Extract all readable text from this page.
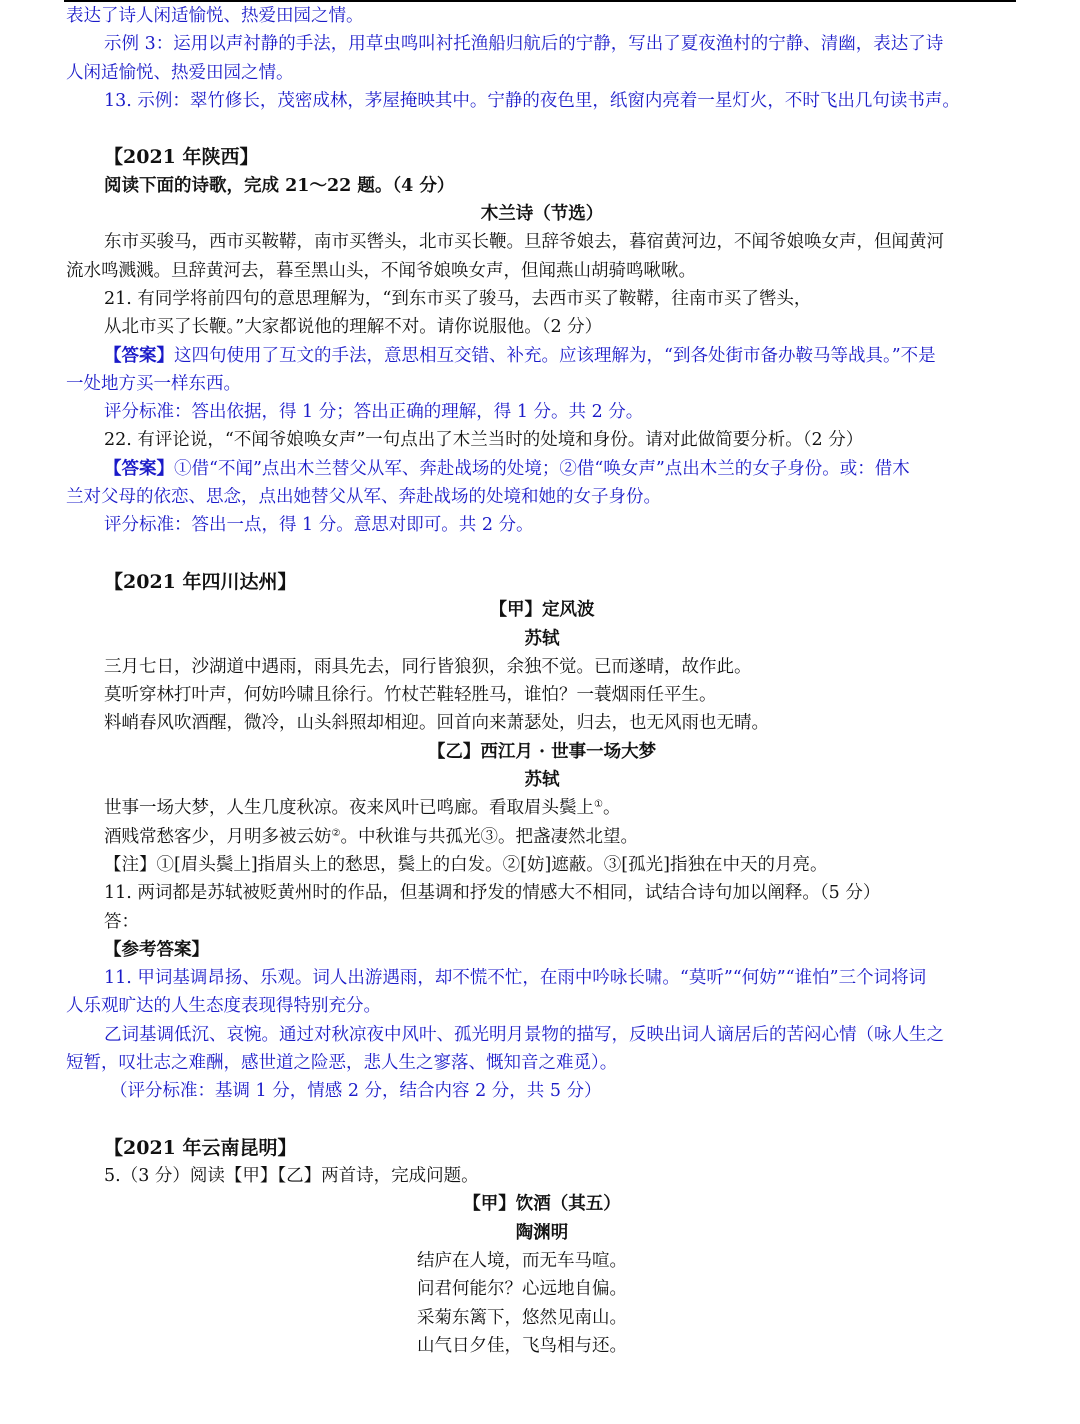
表达了诗人闲适愉悦、热爱田园之情。
示例 3：运用以声衬静的手法，用草虫鸣叫衬托渔船归航后的宁静，写出了夏夜渔村的宁静、清幽，表达了诗
人闲适愉悦、热爱田园之情。
13. 示例：翠竹修长，茂密成林，茅屋掩映其中。宁静的夜色里，纸窗内亮着一星灯火，不时飞出几句读书声。
【2021 年陕西】
阅读下面的诗歌，完成 21～22 题。（4 分）
木兰诗（节选）
东市买骏马，西市买鞍鞯，南市买辔头，北市买长鞭。旦辞爷娘去，暮宿黄河边，不闻爷娘唤女声，但闻黄河
流水鸣溅溅。旦辞黄河去，暮至黑山头，不闻爷娘唤女声，但闻燕山胡骑鸣啾啾。
21. 有同学将前四句的意思理解为，“到东市买了骏马，去西市买了鞍鞯，往南市买了辔头，
从北市买了长鞭。”大家都说他的理解不对。请你说服他。（2 分）
【答案】这四句使用了互文的手法，意思相互交错、补充。应该理解为，“到各处街市备办鞍马等战具。”不是
一处地方买一样东西。
评分标准：答出依据，得 1 分；答出正确的理解，得 1 分。共 2 分。
22. 有评论说，“不闻爷娘唤女声”一句点出了木兰当时的处境和身份。请对此做简要分析。（2 分）
【答案】①借“不闻”点出木兰替父从军、奔赴战场的处境；②借“唤女声”点出木兰的女子身份。或：借木
兰对父母的依恋、思念，点出她替父从军、奔赴战场的处境和她的女子身份。
评分标准：答出一点，得 1 分。意思对即可。共 2 分。
【2021 年四川达州】
【甲】定风波
苏轼
三月七日，沙湖道中遇雨，雨具先去，同行皆狼狈，余独不觉。已而遂晴，故作此。
莫听穿林打叶声，何妨吟啸且徐行。竹杖芒鞋轻胜马，谁怕？一蓑烟雨任平生。
料峭春风吹酒醒，微冷，山头斜照却相迎。回首向来萧瑟处，归去，也无风雨也无晴。
【乙】西江月 · 世事一场大梦
苏轼
世事一场大梦，人生几度秋凉。夜来风叶已鸣廊。看取眉头鬓上①。
酒贱常愁客少，月明多被云妨②。中秋谁与共孤光③。把盏凄然北望。
【注】①[眉头鬓上]指眉头上的愁思，鬓上的白发。②[妨]遮蔽。③[孤光]指独在中天的月亮。
11. 两词都是苏轼被贬黄州时的作品，但基调和抒发的情感大不相同，试结合诗句加以阐释。（5 分）
答：
【参考答案】
11. 甲词基调昂扬、乐观。词人出游遇雨，却不慌不忙，在雨中吟咏长啸。“莫听”“何妨”“谁怕”三个词将词
人乐观旷达的人生态度表现得特别充分。
乙词基调低沉、哀惋。通过对秋凉夜中风叶、孤光明月景物的描写，反映出词人谪居后的苦闷心情（咏人生之
短暂，叹壮志之难酬，感世道之险恶，悲人生之寥落、慨知音之难觅）。
（评分标准：基调 1 分，情感 2 分，结合内容 2 分，共 5 分）
【2021 年云南昆明】
5.（3 分）阅读【甲】【乙】两首诗，完成问题。
【甲】饮酒（其五）
陶渊明
结庐在人境，而无车马喧。
问君何能尔？心远地自偏。
采菊东篱下，悠然见南山。
山气日夕佳，飞鸟相与还。
